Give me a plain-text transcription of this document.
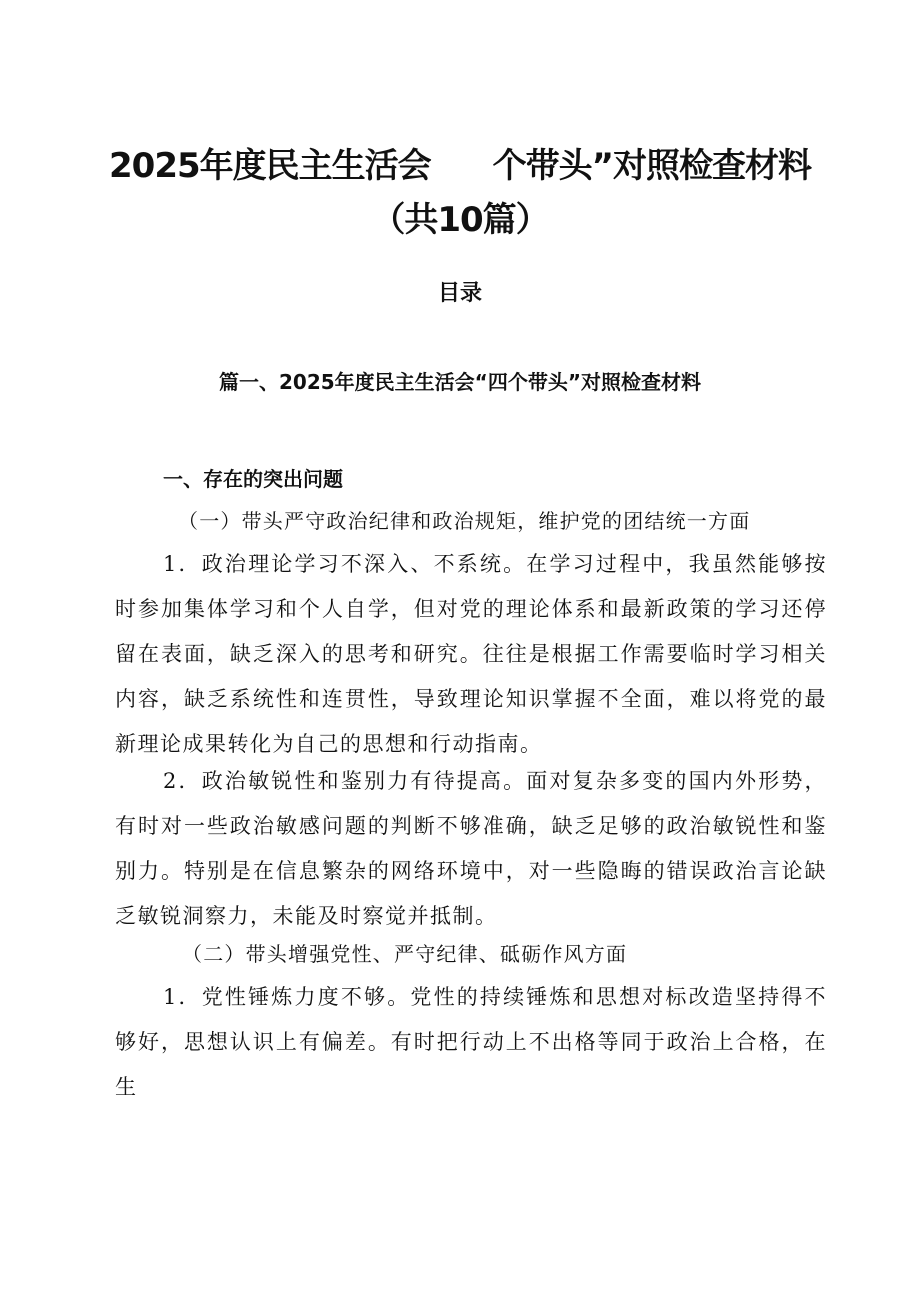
2025年度民主生活会 个带头”对照检查材料
（共10篇）
目录
篇一、2025年度民主生活会“四个带头”对照检查材料
一、存在的突出问题
（一）带头严守政治纪律和政治规矩，维护党的团结统一方面
1．政治理论学习不深入、不系统。在学习过程中，我虽然能够按时参加集体学习和个人自学，但对党的理论体系和最新政策的学习还停留在表面，缺乏深入的思考和研究。往往是根据工作需要临时学习相关内容，缺乏系统性和连贯性，导致理论知识掌握不全面，难以将党的最新理论成果转化为自己的思想和行动指南。
2．政治敏锐性和鉴别力有待提高。面对复杂多变的国内外形势，有时对一些政治敏感问题的判断不够准确，缺乏足够的政治敏锐性和鉴别力。特别是在信息繁杂的网络环境中，对一些隐晦的错误政治言论缺乏敏锐洞察力，未能及时察觉并抵制。
（二）带头增强党性、严守纪律、砥砺作风方面
1．党性锤炼力度不够。党性的持续锤炼和思想对标改造坚持得不够好，思想认识上有偏差。有时把行动上不出格等同于政治上合格，在生
